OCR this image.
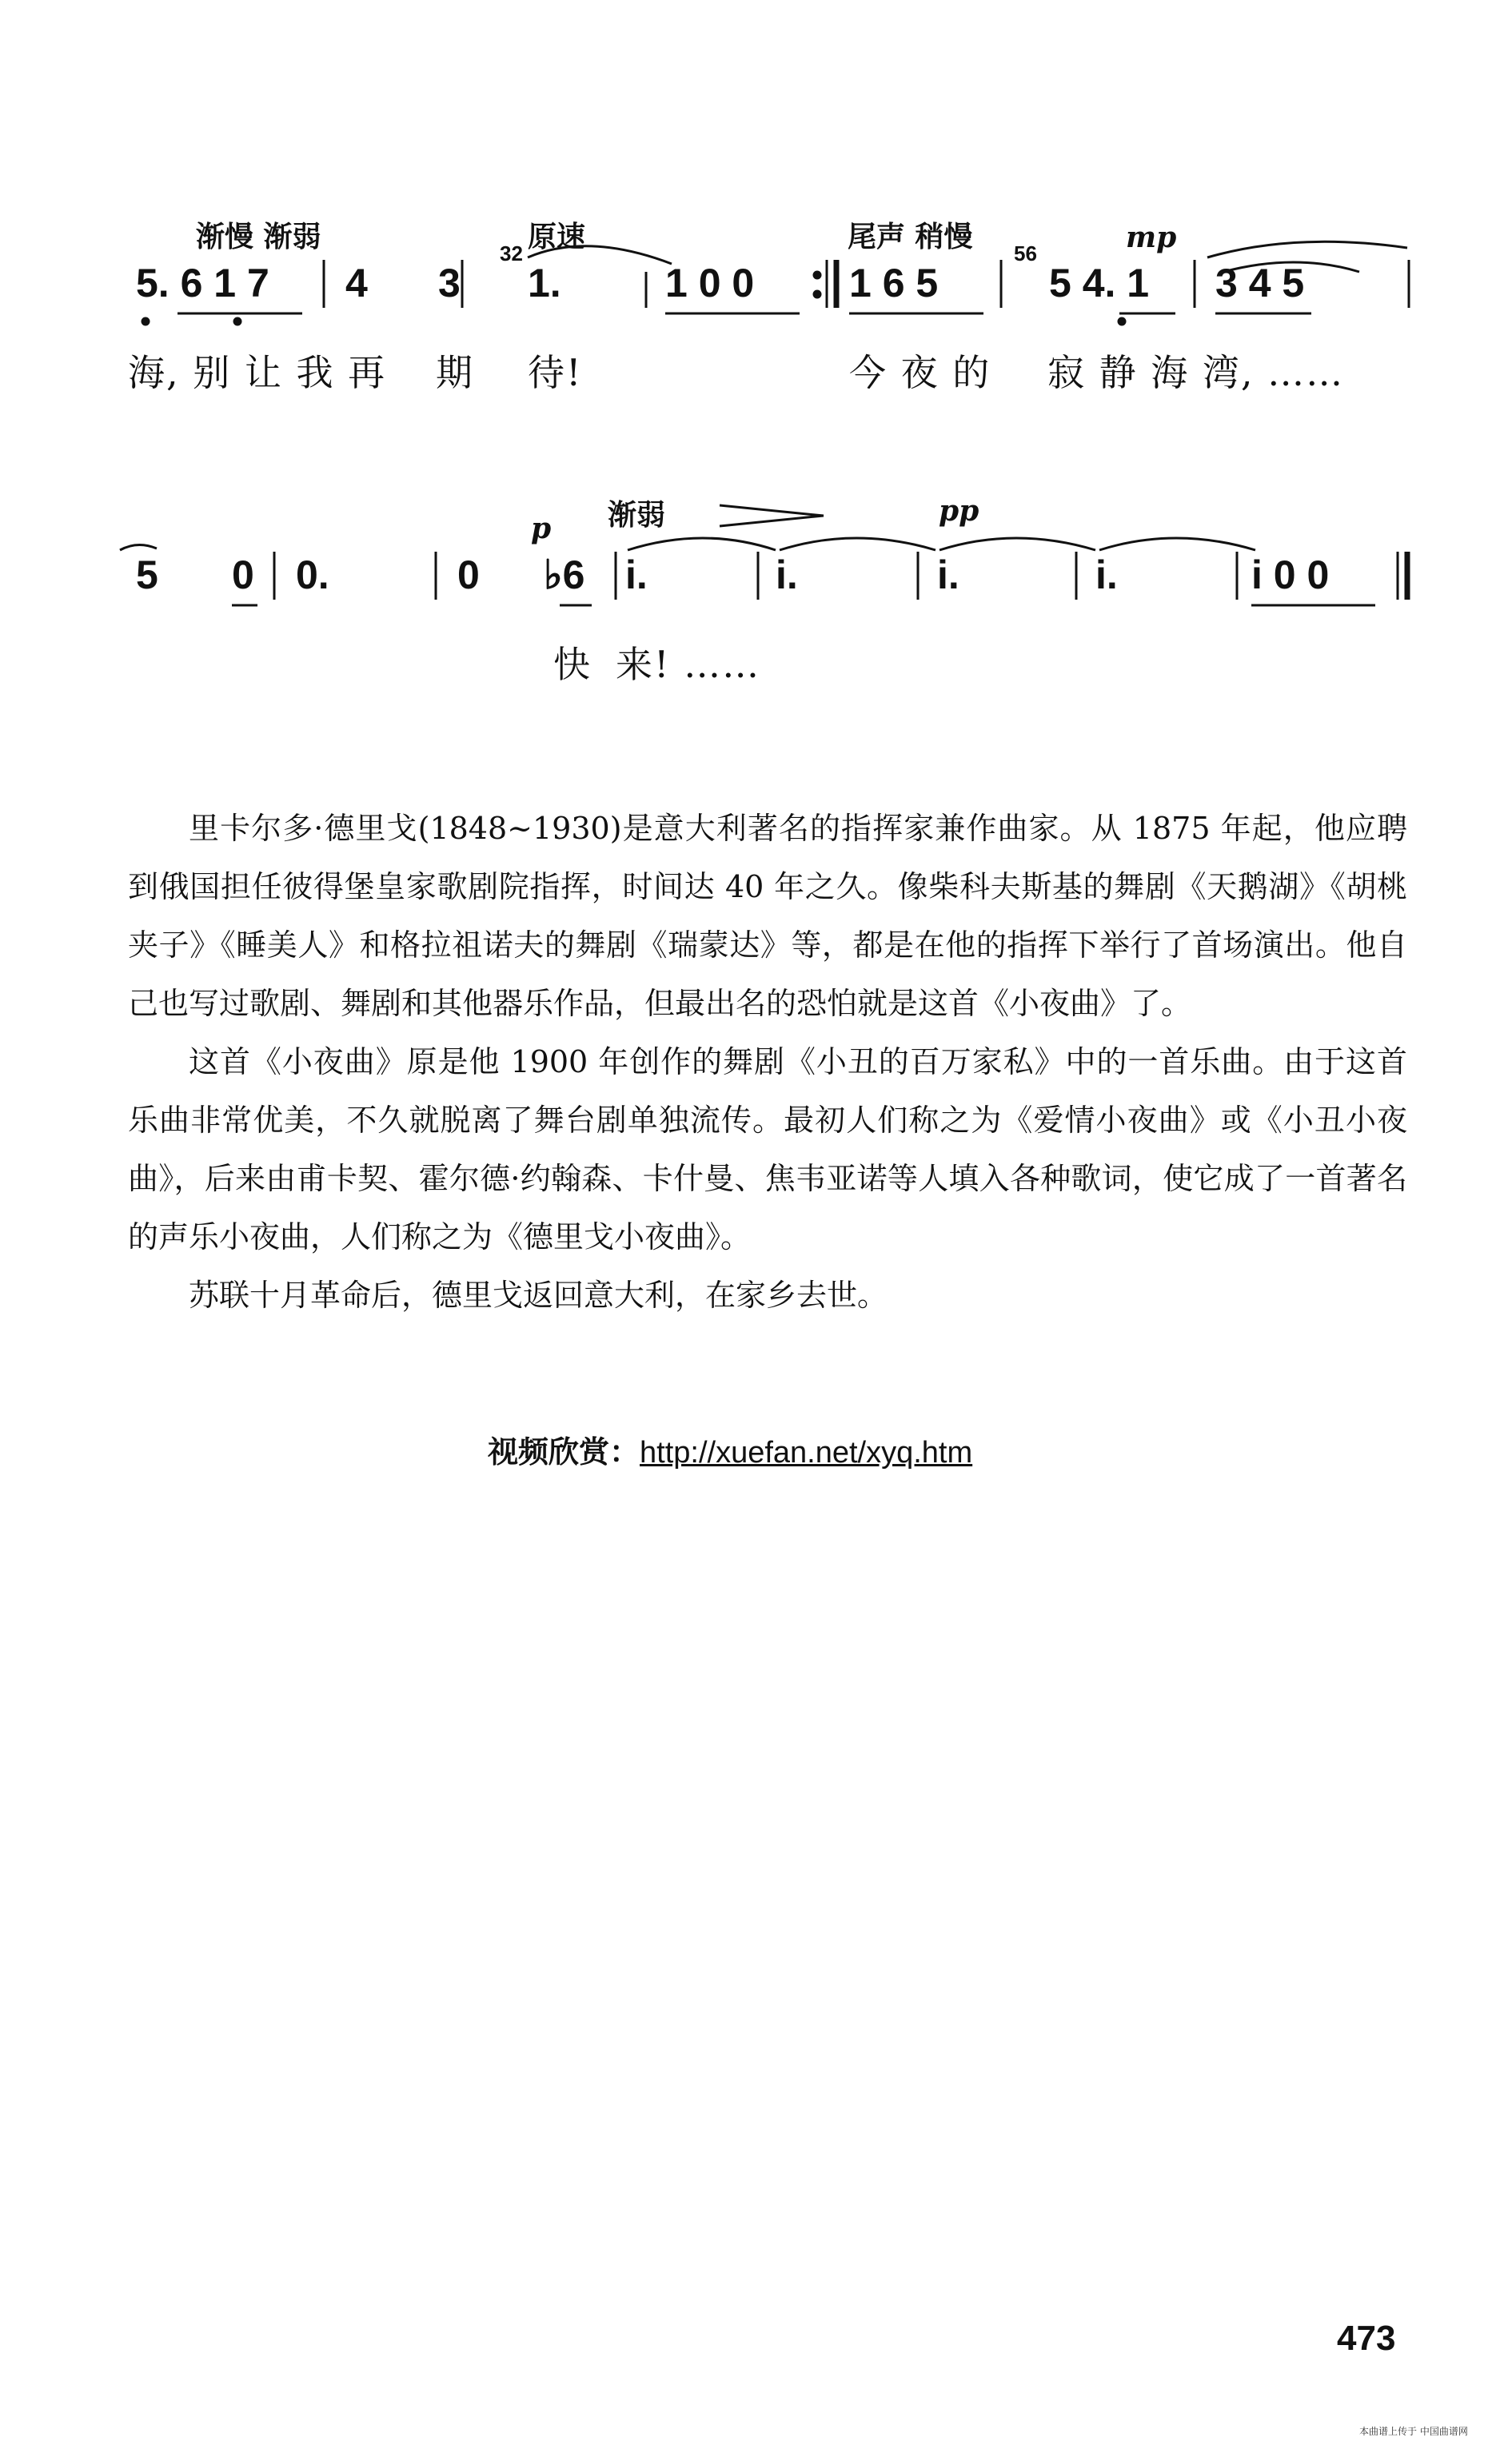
渐慢 渐弱	原速	尾声 稍慢	mp
32	56
5. 6 1 7 4 3 1.	1 0 0 1 6 5	5 4. 1 3 4 5
海, 别 让 我 再 期 待!	今 夜 的 寂 静 海 湾, ……
渐弱
p
pp
5 0 0.	0 ♭6 i.	i.	i.	i.	i 0 0
快 来! ……

里卡尔多·德里戈(1848~1930)是意大利著名的指挥家兼作曲家。从 1875 年起，他应聘到俄国担任彼得堡皇家歌剧院指挥，时间达 40 年之久。像柴科夫斯基的舞剧《天鹅湖》《胡桃夹子》《睡美人》和格拉祖诺夫的舞剧《瑞蒙达》等，都是在他的指挥下举行了首场演出。他自己也写过歌剧、舞剧和其他器乐作品，但最出名的恐怕就是这首《小夜曲》了。

这首《小夜曲》原是他 1900 年创作的舞剧《小丑的百万家私》中的一首乐曲。由于这首乐曲非常优美，不久就脱离了舞台剧单独流传。最初人们称之为《爱情小夜曲》或《小丑小夜曲》，后来由甫卡契、霍尔德·约翰森、卡什曼、焦韦亚诺等人填入各种歌词，使它成了一首著名的声乐小夜曲，人们称之为《德里戈小夜曲》。

苏联十月革命后，德里戈返回意大利，在家乡去世。

视频欣赏：http://xuefan.net/xyq.htm
473
本曲谱上传于 中国曲谱网
